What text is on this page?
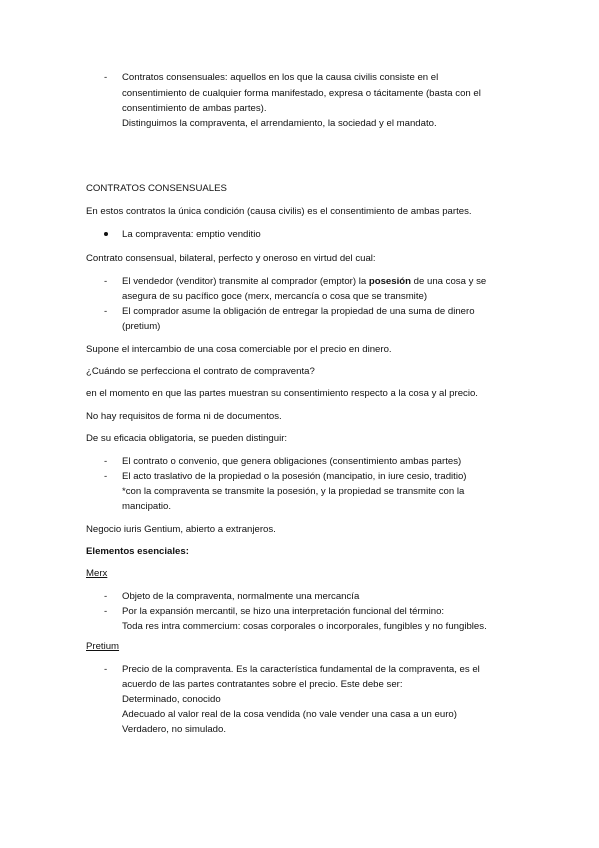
- Contratos consensuales: aquellos en los que la causa civilis consiste en el
consentimiento de cualquier forma manifestado, expresa o tácitamente (basta con el
consentimiento de ambas partes).
Distinguimos la compraventa, el arrendamiento, la sociedad y el mandato.
CONTRATOS CONSENSUALES
En estos contratos la única condición (causa civilis) es el consentimiento de ambas partes.
La compraventa: emptio venditio
Contrato consensual, bilateral, perfecto y oneroso en virtud del cual:
- El vendedor (venditor) transmite al comprador (emptor) la posesión de una cosa y se
asegura de su pacífico goce (merx, mercancía o cosa que se transmite)
- El comprador asume la obligación de entregar la propiedad de una suma de dinero
(pretium)
Supone el intercambio de una cosa comerciable por el precio en dinero.
¿Cuándo se perfecciona el contrato de compraventa?
en el momento en que las partes muestran su consentimiento respecto a la cosa y al precio.
No hay requisitos de forma ni de documentos.
De su eficacia obligatoria, se pueden distinguir:
- El contrato o convenio, que genera obligaciones (consentimiento ambas partes)
- El acto traslativo de la propiedad o la posesión (mancipatio, in iure cesio, traditio)
*con la compraventa se transmite la posesión, y la propiedad se transmite con la
mancipatio.
Negocio iuris Gentium, abierto a extranjeros.
Elementos esenciales:
Merx
- Objeto de la compraventa, normalmente una mercancía
- Por la expansión mercantil, se hizo una interpretación funcional del término:
Toda res intra commercium: cosas corporales o incorporales, fungibles y no fungibles.
Pretium
- Precio de la compraventa. Es la característica fundamental de la compraventa, es el
acuerdo de las partes contratantes sobre el precio. Este debe ser:
Determinado, conocido
Adecuado al valor real de la cosa vendida (no vale vender una casa a un euro)
Verdadero, no simulado.
